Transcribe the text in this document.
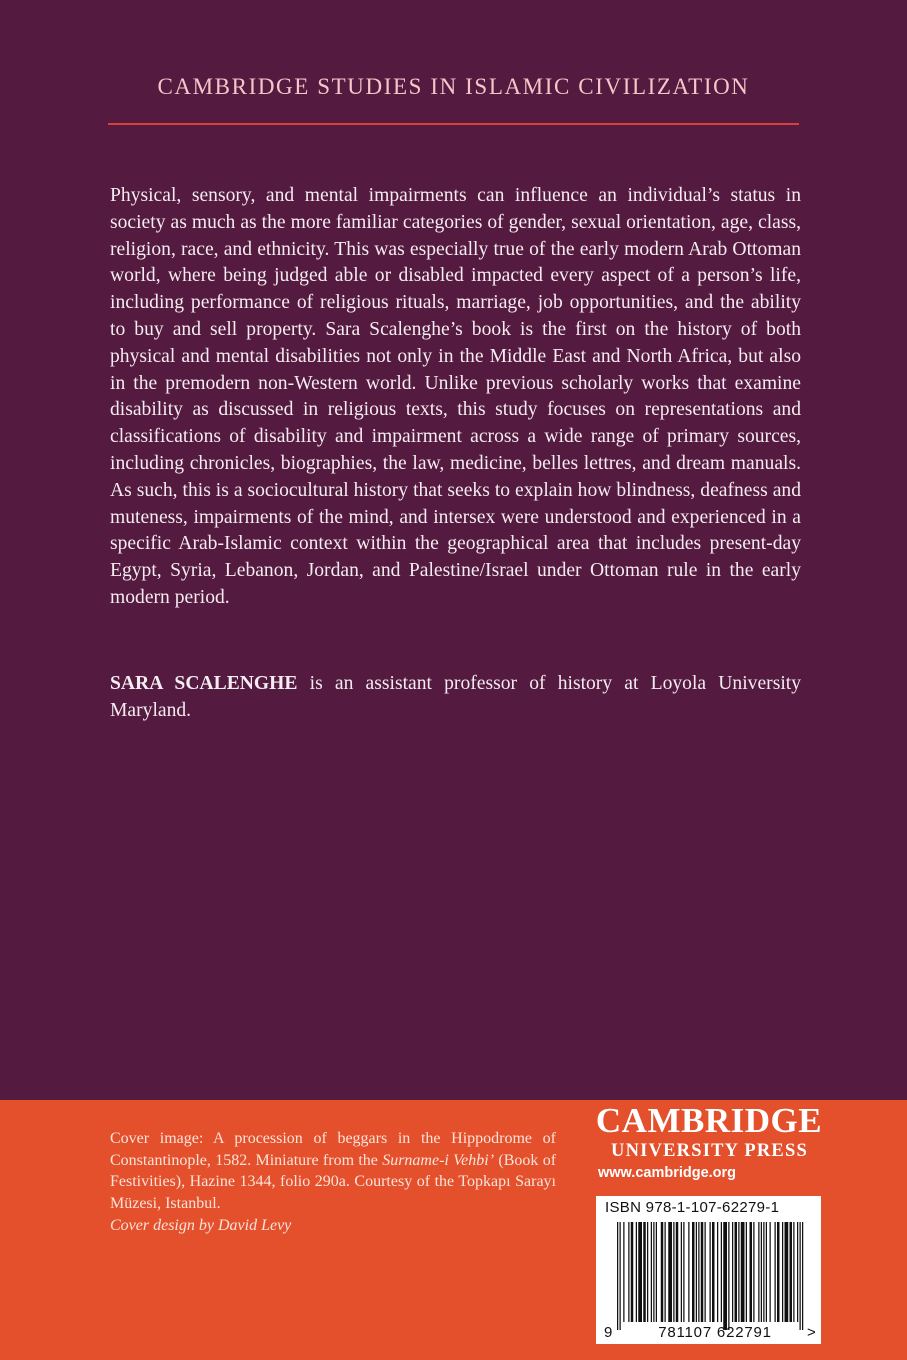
CAMBRIDGE STUDIES IN ISLAMIC CIVILIZATION

Physical, sensory, and mental impairments can influence an individual’s status in society as much as the more familiar categories of gender, sexual orientation, age, class, religion, race, and ethnicity. This was especially true of the early modern Arab Ottoman world, where being judged able or disabled impacted every aspect of a person’s life, including performance of religious rituals, marriage, job opportunities, and the ability to buy and sell property. Sara Scalenghe’s book is the first on the history of both physical and mental disabilities not only in the Middle East and North Africa, but also in the premodern non-Western world. Unlike previous scholarly works that examine disability as discussed in religious texts, this study focuses on representations and classifications of disability and impairment across a wide range of primary sources, including chronicles, biographies, the law, medicine, belles lettres, and dream manuals. As such, this is a sociocultural history that seeks to explain how blindness, deafness and muteness, impairments of the mind, and intersex were understood and experienced in a specific Arab-Islamic context within the geographical area that includes present-day Egypt, Syria, Lebanon, Jordan, and Palestine/Israel under Ottoman rule in the early modern period.

SARA SCALENGHE is an assistant professor of history at Loyola University Maryland.

Cover image: A procession of beggars in the Hippodrome of Constantinople, 1582. Miniature from the Surname-i Vehbi’ (Book of Festivities), Hazine 1344, folio 290a. Courtesy of the Topkapı Sarayı Müzesi, Istanbul.

Cover design by David Levy

CAMBRIDGE
UNIVERSITY PRESS
www.cambridge.org
ISBN 978-1-107-62279-1
9	781107 622791	>
